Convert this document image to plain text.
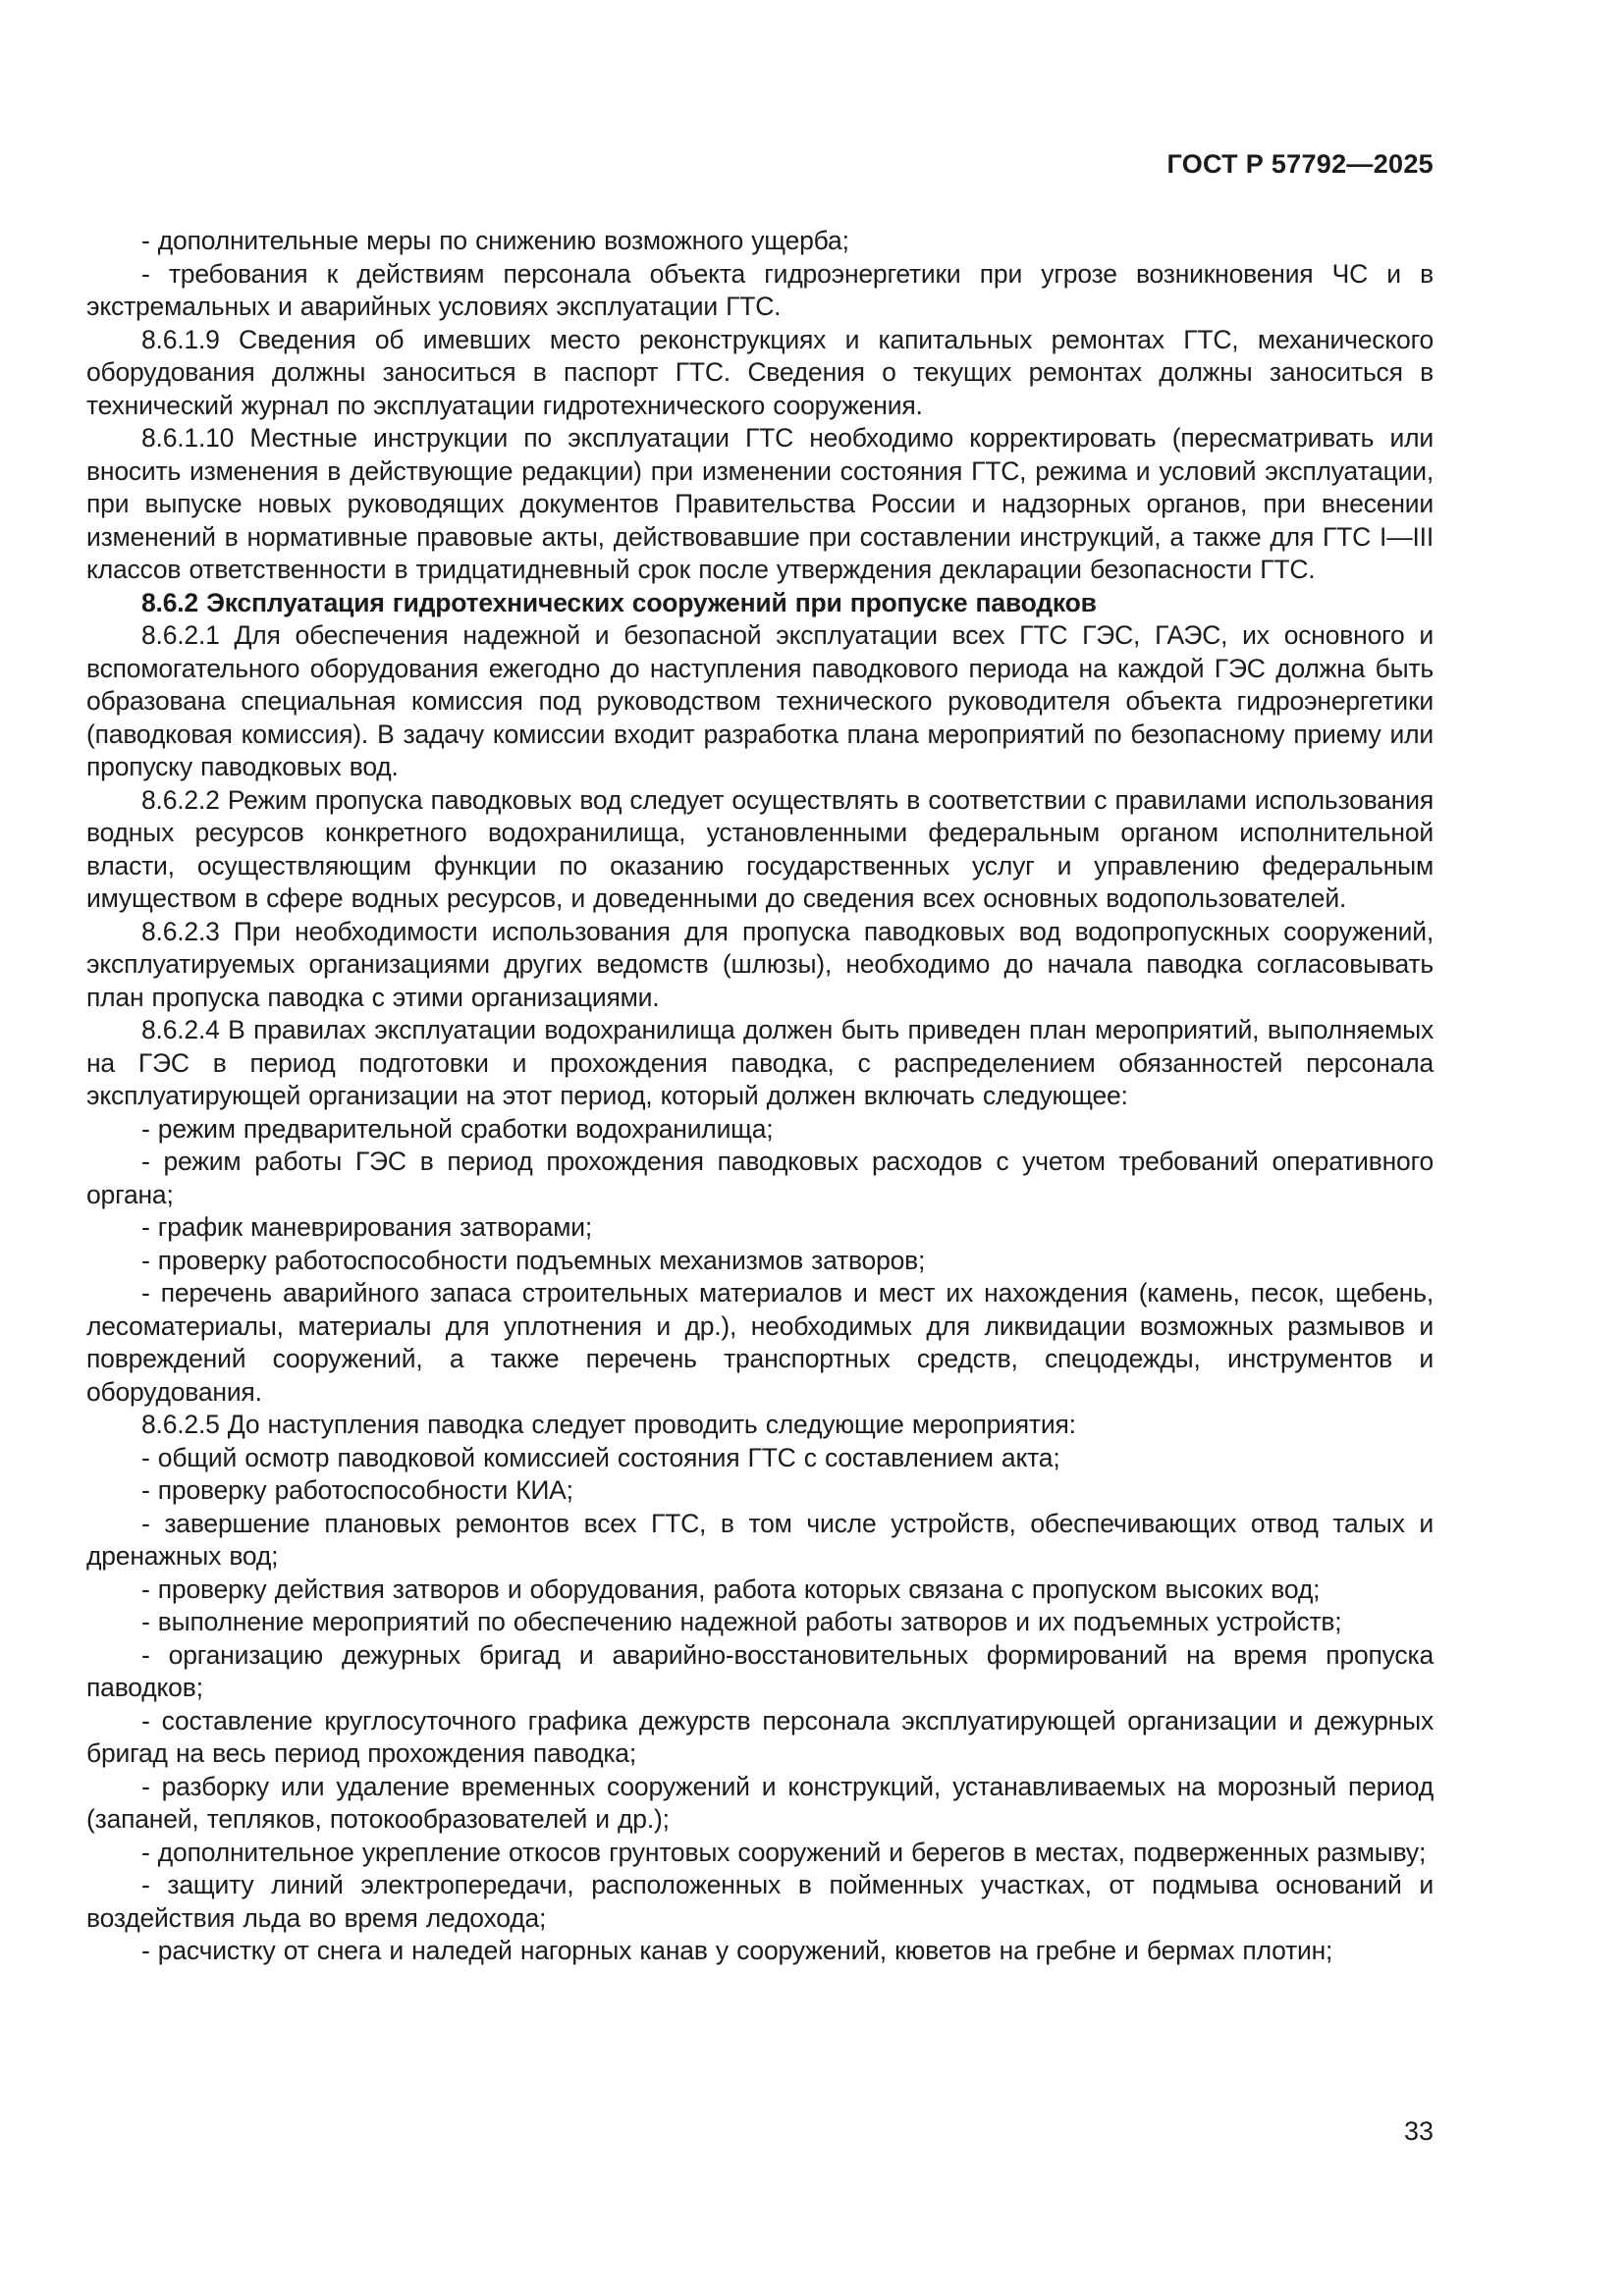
ГОСТ Р 57792—2025

- дополнительные меры по снижению возможного ущерба;

- требования к действиям персонала объекта гидроэнергетики при угрозе возникновения ЧС и в экстремальных и аварийных условиях эксплуатации ГТС.

8.6.1.9 Сведения об имевших место реконструкциях и капитальных ремонтах ГТС, механического оборудования должны заноситься в паспорт ГТС. Сведения о текущих ремонтах должны заноситься в технический журнал по эксплуатации гидротехнического сооружения.

8.6.1.10 Местные инструкции по эксплуатации ГТС необходимо корректировать (пересматривать или вносить изменения в действующие редакции) при изменении состояния ГТС, режима и условий эксплуатации, при выпуске новых руководящих документов Правительства России и надзорных органов, при внесении изменений в нормативные правовые акты, действовавшие при составлении инструкций, а также для ГТС I—III классов ответственности в тридцатидневный срок после утверждения декларации безопасности ГТС.

8.6.2 Эксплуатация гидротехнических сооружений при пропуске паводков

8.6.2.1 Для обеспечения надежной и безопасной эксплуатации всех ГТС ГЭС, ГАЭС, их основного и вспомогательного оборудования ежегодно до наступления паводкового периода на каждой ГЭС должна быть образована специальная комиссия под руководством технического руководителя объекта гидроэнергетики (паводковая комиссия). В задачу комиссии входит разработка плана мероприятий по безопасному приему или пропуску паводковых вод.

8.6.2.2 Режим пропуска паводковых вод следует осуществлять в соответствии с правилами использования водных ресурсов конкретного водохранилища, установленными федеральным органом исполнительной власти, осуществляющим функции по оказанию государственных услуг и управлению федеральным имуществом в сфере водных ресурсов, и доведенными до сведения всех основных водопользователей.

8.6.2.3 При необходимости использования для пропуска паводковых вод водопропускных сооружений, эксплуатируемых организациями других ведомств (шлюзы), необходимо до начала паводка согласовывать план пропуска паводка с этими организациями.

8.6.2.4 В правилах эксплуатации водохранилища должен быть приведен план мероприятий, выполняемых на ГЭС в период подготовки и прохождения паводка, с распределением обязанностей персонала эксплуатирующей организации на этот период, который должен включать следующее:

- режим предварительной сработки водохранилища;

- режим работы ГЭС в период прохождения паводковых расходов с учетом требований оперативного органа;

- график маневрирования затворами;

- проверку работоспособности подъемных механизмов затворов;

- перечень аварийного запаса строительных материалов и мест их нахождения (камень, песок, щебень, лесоматериалы, материалы для уплотнения и др.), необходимых для ликвидации возможных размывов и повреждений сооружений, а также перечень транспортных средств, спецодежды, инструментов и оборудования.

8.6.2.5 До наступления паводка следует проводить следующие мероприятия:

- общий осмотр паводковой комиссией состояния ГТС с составлением акта;

- проверку работоспособности КИА;

- завершение плановых ремонтов всех ГТС, в том числе устройств, обеспечивающих отвод талых и дренажных вод;

- проверку действия затворов и оборудования, работа которых связана с пропуском высоких вод;

- выполнение мероприятий по обеспечению надежной работы затворов и их подъемных устройств;

- организацию дежурных бригад и аварийно-восстановительных формирований на время пропуска паводков;

- составление круглосуточного графика дежурств персонала эксплуатирующей организации и дежурных бригад на весь период прохождения паводка;

- разборку или удаление временных сооружений и конструкций, устанавливаемых на морозный период (запаней, тепляков, потокообразователей и др.);

- дополнительное укрепление откосов грунтовых сооружений и берегов в местах, подверженных размыву;

- защиту линий электропередачи, расположенных в пойменных участках, от подмыва оснований и воздействия льда во время ледохода;

- расчистку от снега и наледей нагорных канав у сооружений, кюветов на гребне и бермах плотин;

33
